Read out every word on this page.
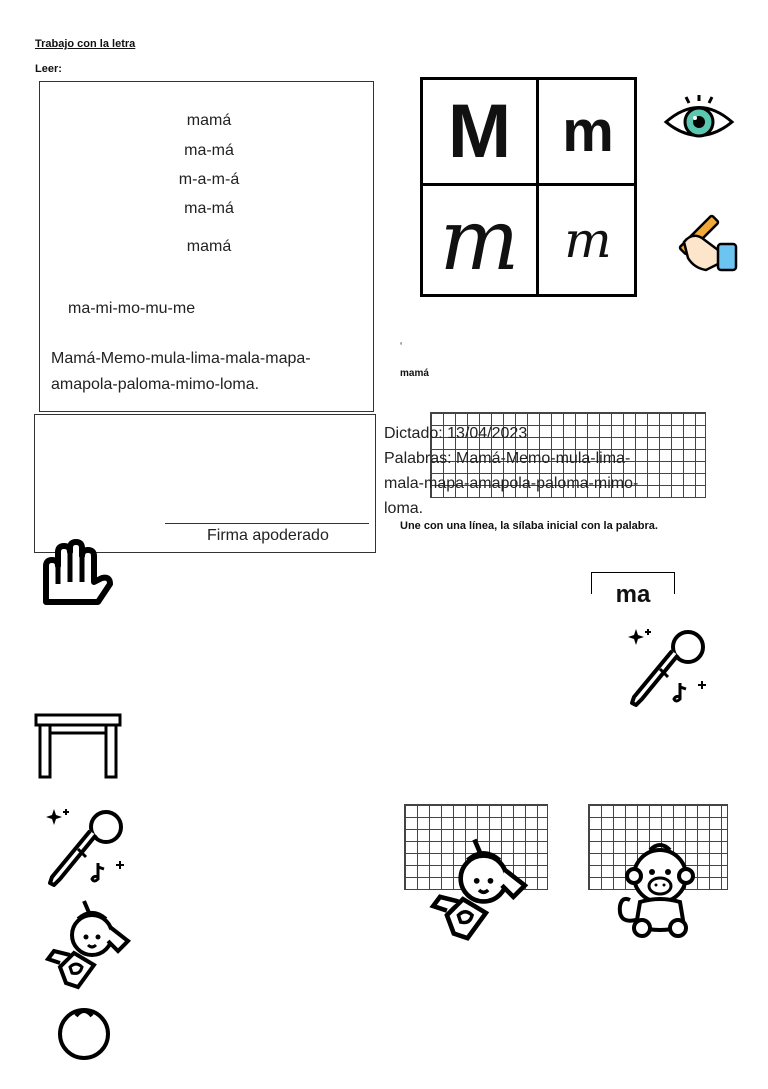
Trabajo con la letra
Leer:
mamá
ma-má
m-a-m-á
ma-má
mamá
ma-mi-mo-mu-me
Mamá-Memo-mula-lima-mala-mapa-
amapola-paloma-mimo-loma.
M m
m m
‘
mamá
Firma apoderado
Dictado: 13/04/2023
Palabras: Mamá-Memo-mula-lima-
mala-mapa-amapola-paloma-mimo-
loma.
Une con una línea, la sílaba inicial con la palabra.
ma
